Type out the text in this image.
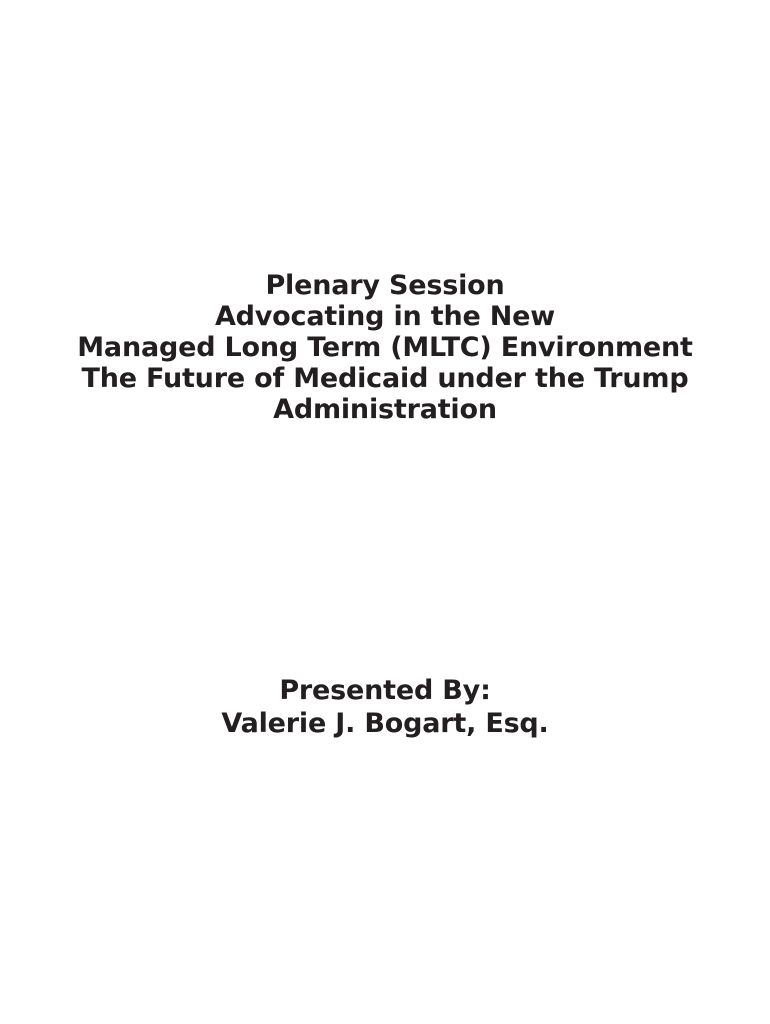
Plenary Session
Advocating in the New
Managed Long Term (MLTC) Environment
The Future of Medicaid under the Trump
Administration
Presented By:
Valerie J. Bogart, Esq.
